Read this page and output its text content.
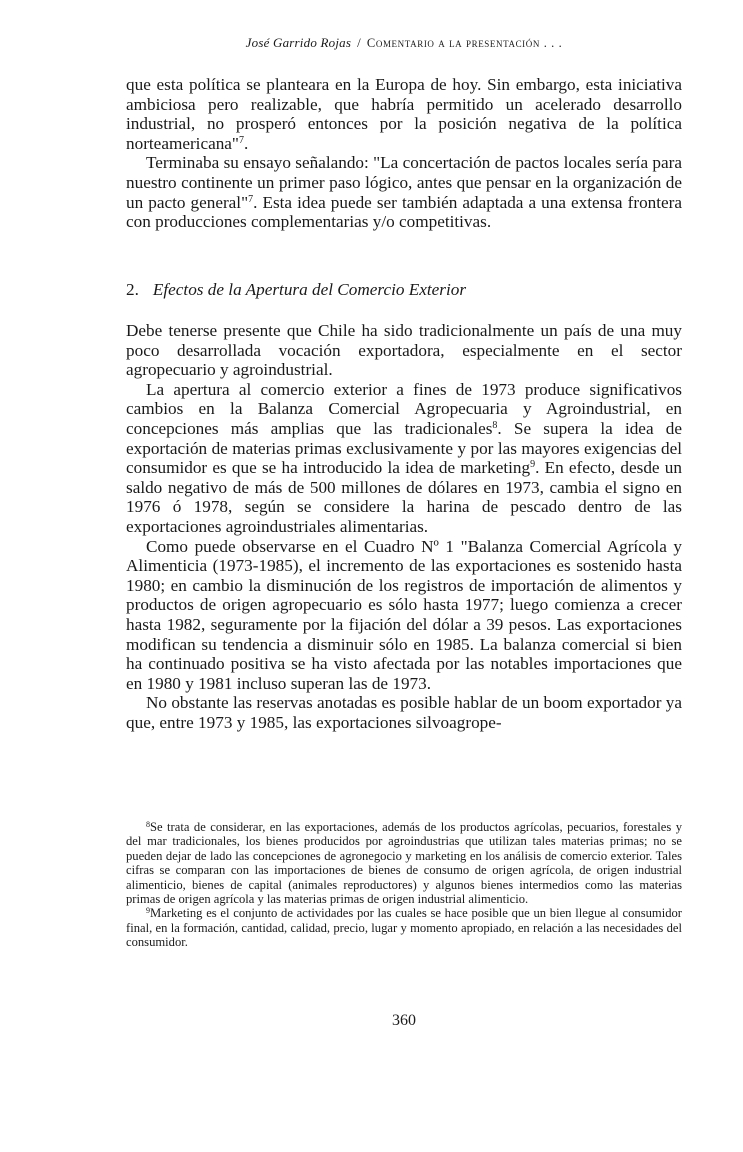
José Garrido Rojas / Comentario a la presentación . . .

que esta política se planteara en la Europa de hoy. Sin embargo, esta iniciativa ambiciosa pero realizable, que habría permitido un acelerado desarrollo industrial, no prosperó entonces por la posición negativa de la política norteamericana"$^7$.

Terminaba su ensayo señalando: "La concertación de pactos locales sería para nuestro continente un primer paso lógico, antes que pensar en la organización de un pacto general"$^7$. Esta idea puede ser también adaptada a una extensa frontera con producciones complementarias y/o competitivas.

2. Efectos de la Apertura del Comercio Exterior

Debe tenerse presente que Chile ha sido tradicionalmente un país de una muy poco desarrollada vocación exportadora, especialmente en el sector agropecuario y agroindustrial.

La apertura al comercio exterior a fines de 1973 produce significativos cambios en la Balanza Comercial Agropecuaria y Agroindustrial, en concepciones más amplias que las tradicionales$^8$. Se supera la idea de exportación de materias primas exclusivamente y por las mayores exigencias del consumidor es que se ha introducido la idea de marketing$^9$. En efecto, desde un saldo negativo de más de 500 millones de dólares en 1973, cambia el signo en 1976 ó 1978, según se considere la harina de pescado dentro de las exportaciones agroindustriales alimentarias.

Como puede observarse en el Cuadro Nº 1 "Balanza Comercial Agrícola y Alimenticia (1973-1985), el incremento de las exportaciones es sostenido hasta 1980; en cambio la disminución de los registros de importación de alimentos y productos de origen agropecuario es sólo hasta 1977; luego comienza a crecer hasta 1982, seguramente por la fijación del dólar a 39 pesos. Las exportaciones modifican su tendencia a disminuir sólo en 1985. La balanza comercial si bien ha continuado positiva se ha visto afectada por las notables importaciones que en 1980 y 1981 incluso superan las de 1973.

No obstante las reservas anotadas es posible hablar de un boom exportador ya que, entre 1973 y 1985, las exportaciones silvoagrope-

$^8$Se trata de considerar, en las exportaciones, además de los productos agrícolas, pecuarios, forestales y del mar tradicionales, los bienes producidos por agroindustrias que utilizan tales materias primas; no se pueden dejar de lado las concepciones de agronegocio y marketing en los análisis de comercio exterior. Tales cifras se comparan con las importaciones de bienes de consumo de origen agrícola, de origen industrial alimenticio, bienes de capital (animales reproductores) y algunos bienes intermedios como las materias primas de origen agrícola y las materias primas de origen industrial alimenticio.

$^9$Marketing es el conjunto de actividades por las cuales se hace posible que un bien llegue al consumidor final, en la formación, cantidad, calidad, precio, lugar y momento apropiado, en relación a las necesidades del consumidor.

360
